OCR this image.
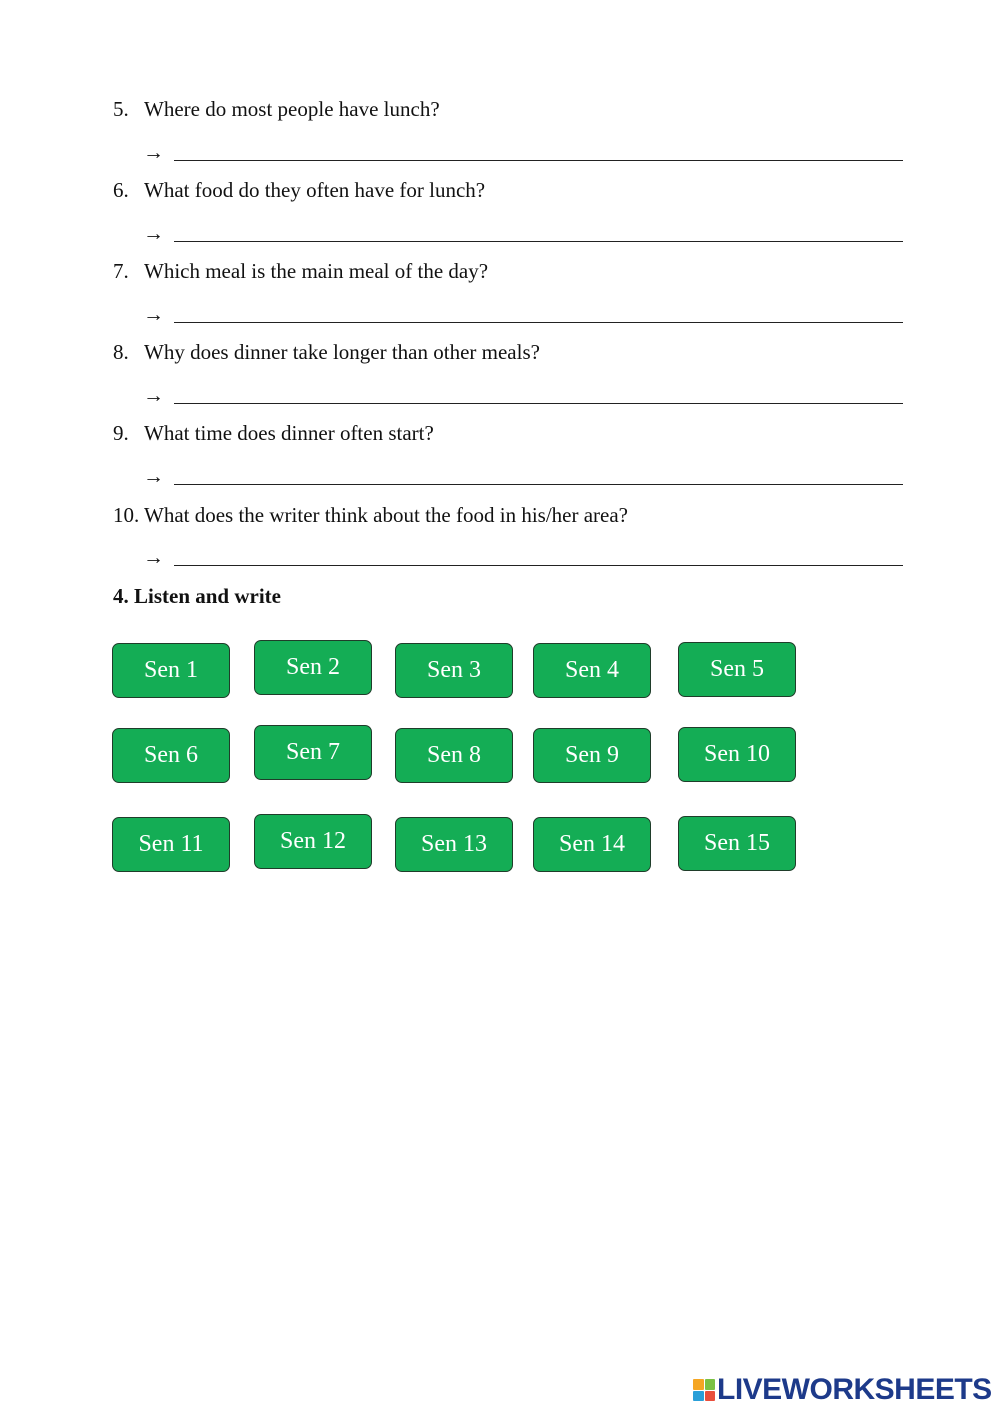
5. Where do most people have lunch?
→
6. What food do they often have for lunch?
→
7. Which meal is the main meal of the day?
→
8. Why does dinner take longer than other meals?
→
9. What time does dinner often start?
→
10. What does the writer think about the food in his/her area?
→
4. Listen and write
Sen 1	Sen 2	Sen 3	Sen 4	Sen 5
Sen 6	Sen 7	Sen 8	Sen 9	Sen 10
Sen 11	Sen 12	Sen 13	Sen 14	Sen 15
LIVEWORKSHEETS
